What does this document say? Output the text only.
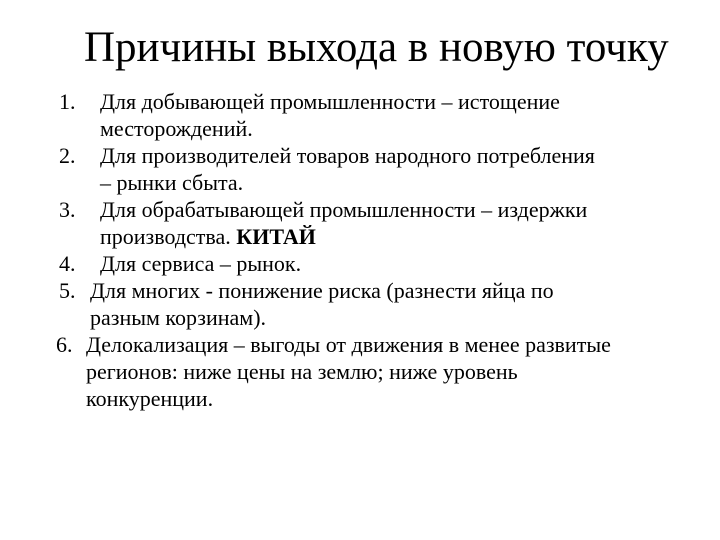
Причины выхода в новую точку
1. Для добывающей промышленности – истощение
месторождений.
2. Для производителей товаров народного потребления
– рынки сбыта.
3. Для обрабатывающей промышленности – издержки
производства. КИТАЙ
4. Для сервиса – рынок.
5. Для многих - понижение риска (разнести яйца по
разным корзинам).
6. Делокализация – выгоды от движения в менее развитые
регионов: ниже цены на землю; ниже уровень
конкуренции.
